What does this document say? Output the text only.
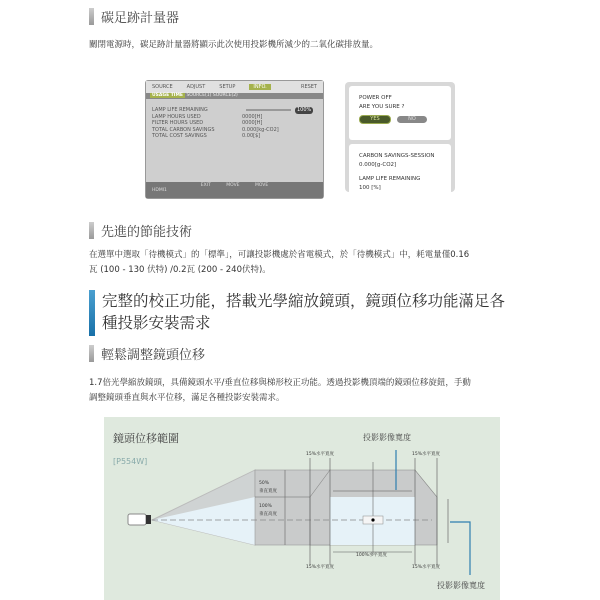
碳足跡計量器
關閉電源時，碳足跡計量器將顯示此次使用投影機所減少的二氧化碳排放量。
SOURCE	ADJUST	SETUP	INFO.	RESET
USAGE TIME SOURCE(1) SOURCE(2)
LAMP LIFE REMAINING	100%
LAMP HOURS USED	0000[H]
FILTER HOURS USED	0000[H]
TOTAL CARBON SAVINGS	0.000[kg-CO2]
TOTAL COST SAVINGS	0.00[$]
EXIT	MOVE	MOVE
HDMI1
POWER OFF
ARE YOU SURE ?
YES	NO
CARBON SAVINGS-SESSION
0.000[g-CO2]
LAMP LIFE REMAINING
100 [%]
先進的節能技術
在選單中選取「待機模式」的「標準」，可讓投影機處於省電模式，於「待機模式」中，耗電量僅0.16
瓦 (100 - 130 伏特) /0.2瓦 (200 - 240伏特)。
完整的校正功能，搭載光學縮放鏡頭，鏡頭位移功能滿足各種投影安裝需求
輕鬆調整鏡頭位移
1.7倍光學縮放鏡頭，具備鏡頭水平/垂直位移與梯形校正功能。透過投影機頂端的鏡頭位移旋鈕，手動
調整鏡頭垂直與水平位移，滿足各種投影安裝需求。
鏡頭位移範圍
[P554W]
投影影像寬度
投影影像寬度
50%
垂直寬度
100%
垂直高度
15%水平寬度	15%水平寬度
15%水平寬度	15%水平寬度
100%水平寬度
